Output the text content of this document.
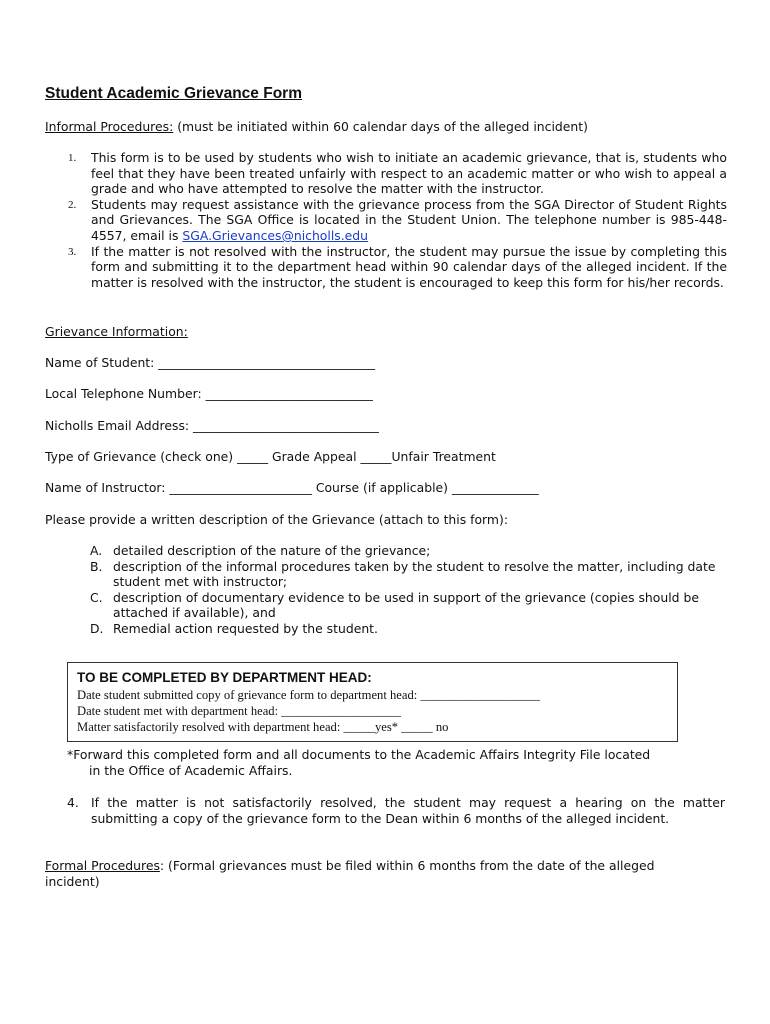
Student Academic Grievance Form
Informal Procedures: (must be initiated within 60 calendar days of the alleged incident)
1. This form is to be used by students who wish to initiate an academic grievance, that is, students who feel that they have been treated unfairly with respect to an academic matter or who wish to appeal a grade and who have attempted to resolve the matter with the instructor.
2. Students may request assistance with the grievance process from the SGA Director of Student Rights and Grievances. The SGA Office is located in the Student Union. The telephone number is 985-448-4557, email is SGA.Grievances@nicholls.edu
3. If the matter is not resolved with the instructor, the student may pursue the issue by completing this form and submitting it to the department head within 90 calendar days of the alleged incident. If the matter is resolved with the instructor, the student is encouraged to keep this form for his/her records.
Grievance Information:
Name of Student: ___________________________________
Local Telephone Number: ___________________________
Nicholls Email Address: ______________________________
Type of Grievance (check one) _____ Grade Appeal _____Unfair Treatment
Name of Instructor: _______________________ Course (if applicable) ______________
Please provide a written description of the Grievance (attach to this form):
A. detailed description of the nature of the grievance;
B. description of the informal procedures taken by the student to resolve the matter, including date student met with instructor;
C. description of documentary evidence to be used in support of the grievance (copies should be attached if available), and
D. Remedial action requested by the student.
TO BE COMPLETED BY DEPARTMENT HEAD:
Date student submitted copy of grievance form to department head: ___________________
Date student met with department head: ___________________
Matter satisfactorily resolved with department head: _____yes* _____ no
*Forward this completed form and all documents to the Academic Affairs Integrity File located
in the Office of Academic Affairs.
4. If the matter is not satisfactorily resolved, the student may request a hearing on the matter submitting a copy of the grievance form to the Dean within 6 months of the alleged incident.
Formal Procedures: (Formal grievances must be filed within 6 months from the date of the alleged incident)
